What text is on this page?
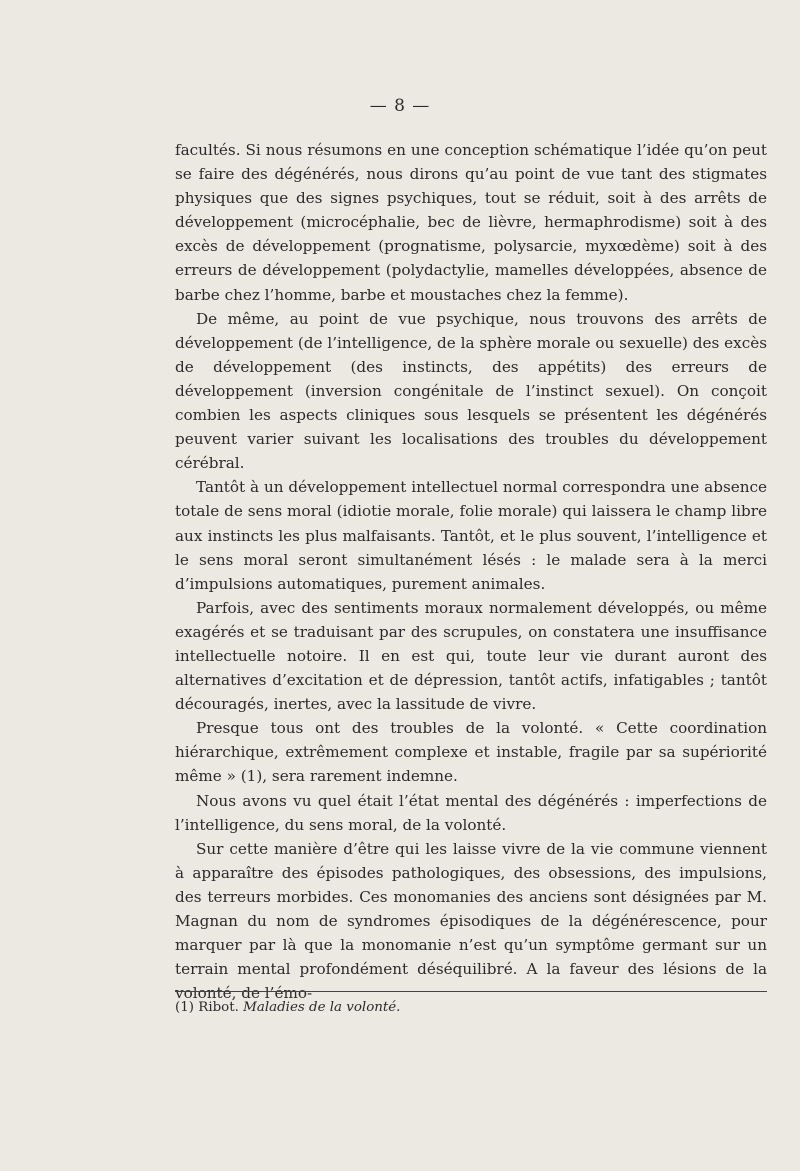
— 8 —

facultés. Si nous résumons en une conception schématique l’idée qu’on peut se faire des dégénérés, nous dirons qu’au point de vue tant des stigmates physiques que des signes psychiques, tout se réduit, soit à des arrêts de développement (microcéphalie, bec de lièvre, hermaphrodisme) soit à des excès de développement (prognatisme, polysarcie, myxœdème) soit à des erreurs de développement (polydactylie, mamelles développées, absence de barbe chez l’homme, barbe et moustaches chez la femme).

De même, au point de vue psychique, nous trouvons des arrêts de développement (de l’intelligence, de la sphère morale ou sexuelle) des excès de développement (des instincts, des appétits) des erreurs de développement (inversion congénitale de l’instinct sexuel). On conçoit combien les aspects cliniques sous lesquels se présentent les dégénérés peuvent varier suivant les localisations des troubles du développement cérébral.

Tantôt à un développement intellectuel normal correspondra une absence totale de sens moral (idiotie morale, folie morale) qui laissera le champ libre aux instincts les plus malfaisants. Tantôt, et le plus souvent, l’intelligence et le sens moral seront simultanément lésés : le malade sera à la merci d’impulsions automatiques, purement animales.

Parfois, avec des sentiments moraux normalement développés, ou même exagérés et se traduisant par des scrupules, on constatera une insuffisance intellectuelle notoire. Il en est qui, toute leur vie durant auront des alternatives d’excitation et de dépression, tantôt actifs, infatigables ; tantôt découragés, inertes, avec la lassitude de vivre.

Presque tous ont des troubles de la volonté. « Cette coordination hiérarchique, extrêmement complexe et instable, fragile par sa supériorité même » (1), sera rarement indemne.

Nous avons vu quel était l’état mental des dégénérés : imperfections de l’intelligence, du sens moral, de la volonté.

Sur cette manière d’être qui les laisse vivre de la vie commune viennent à apparaître des épisodes pathologiques, des obsessions, des impulsions, des terreurs morbides. Ces monomanies des anciens sont désignées par M. Magnan du nom de syndromes épisodiques de la dégénérescence, pour marquer par là que la monomanie n’est qu’un symptôme germant sur un terrain mental profondément déséquilibré. A la faveur des lésions de la volonté, de l’émo-

(1) Ribot. Maladies de la volonté.
